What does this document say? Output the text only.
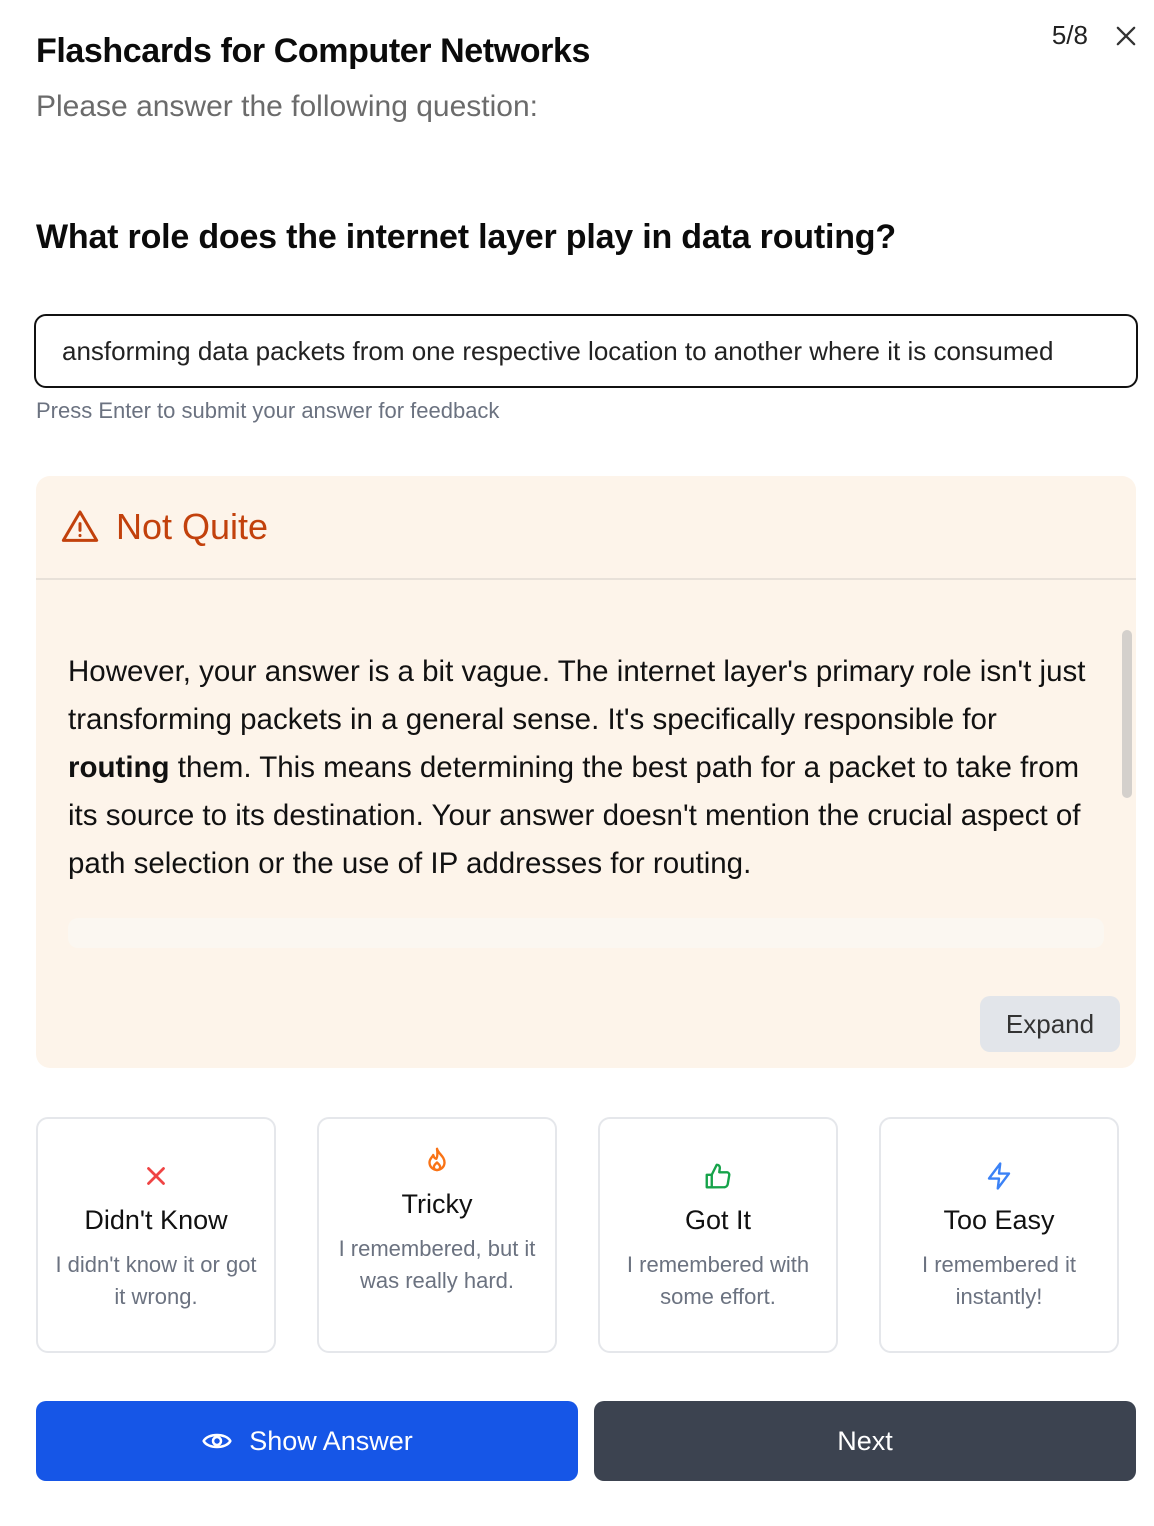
Flashcards for Computer Networks
Please answer the following question:
5/8
What role does the internet layer play in data routing?
ansforming data packets from one respective location to another where it is consumed
Press Enter to submit your answer for feedback
Not Quite
However, your answer is a bit vague. The internet layer's primary role isn't just transforming packets in a general sense. It's specifically responsible for routing them. This means determining the best path for a packet to take from its source to its destination. Your answer doesn't mention the crucial aspect of path selection or the use of IP addresses for routing.
Expand
Didn't Know
I didn't know it or got it wrong.
Tricky
I remembered, but it was really hard.
Got It
I remembered with some effort.
Too Easy
I remembered it instantly!
Show Answer	Next
